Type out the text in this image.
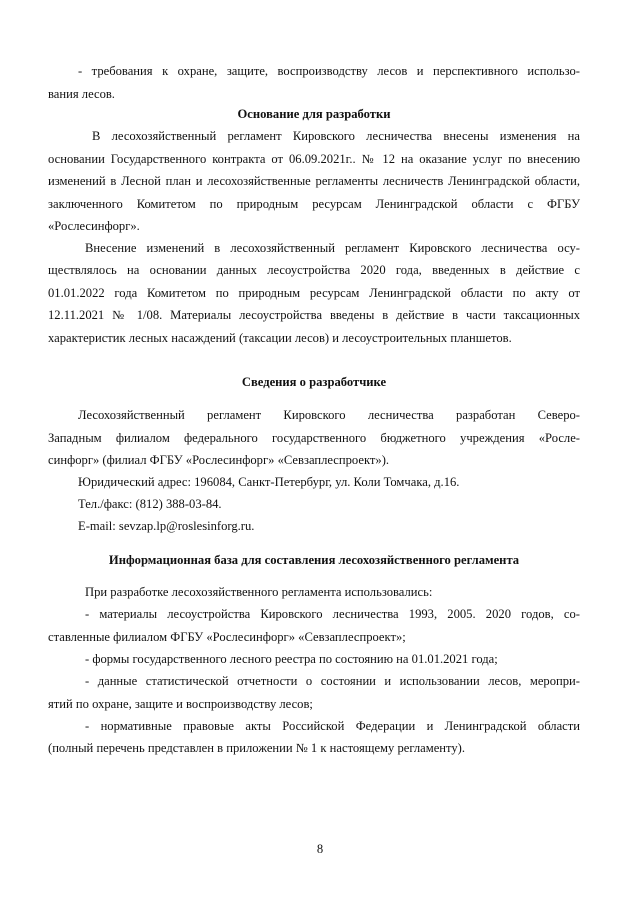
- требования к охране, защите, воспроизводству лесов и перспективного использо-
вания лесов.
Основание для разработки
В лесохозяйственный регламент Кировского лесничества внесены изменения на
основании Государственного контракта от 06.09.2021г.. № 12 на оказание услуг по внесению
изменений в Лесной план и лесохозяйственные регламенты лесничеств Ленинградской области,
заключенного Комитетом по природным ресурсам Ленинградской области с ФГБУ
«Рослесинфорг».
Внесение изменений в лесохозяйственный регламент Кировского лесничества осу-
ществлялось на основании данных лесоустройства 2020 года, введенных в действие с
01.01.2022 года Комитетом по природным ресурсам Ленинградской области по акту от
12.11.2021 № 1/08. Материалы лесоустройства введены в действие в части таксационных
характеристик лесных насаждений (таксации лесов) и лесоустроительных планшетов.
Сведения о разработчике
Лесохозяйственный регламент Кировского лесничества разработан Северо-
Западным филиалом федерального государственного бюджетного учреждения «Росле-
синфорг» (филиал ФГБУ «Рослесинфорг» «Севзаплеспроект»).
Юридический адрес: 196084, Санкт-Петербург, ул. Коли Томчака, д.16.
Тел./факс: (812) 388-03-84.
E-mail: sevzap.lp@roslesinforg.ru.
Информационная база для составления лесохозяйственного регламента
При разработке лесохозяйственного регламента использовались:
- материалы лесоустройства Кировского лесничества 1993, 2005. 2020 годов, со-
ставленные филиалом ФГБУ «Рослесинфорг» «Севзаплеспроект»;
- формы государственного лесного реестра по состоянию на 01.01.2021 года;
- данные статистической отчетности о состоянии и использовании лесов, меропри-
ятий по охране, защите и воспроизводству лесов;
- нормативные правовые акты Российской Федерации и Ленинградской области
(полный перечень представлен в приложении № 1 к настоящему регламенту).
8
